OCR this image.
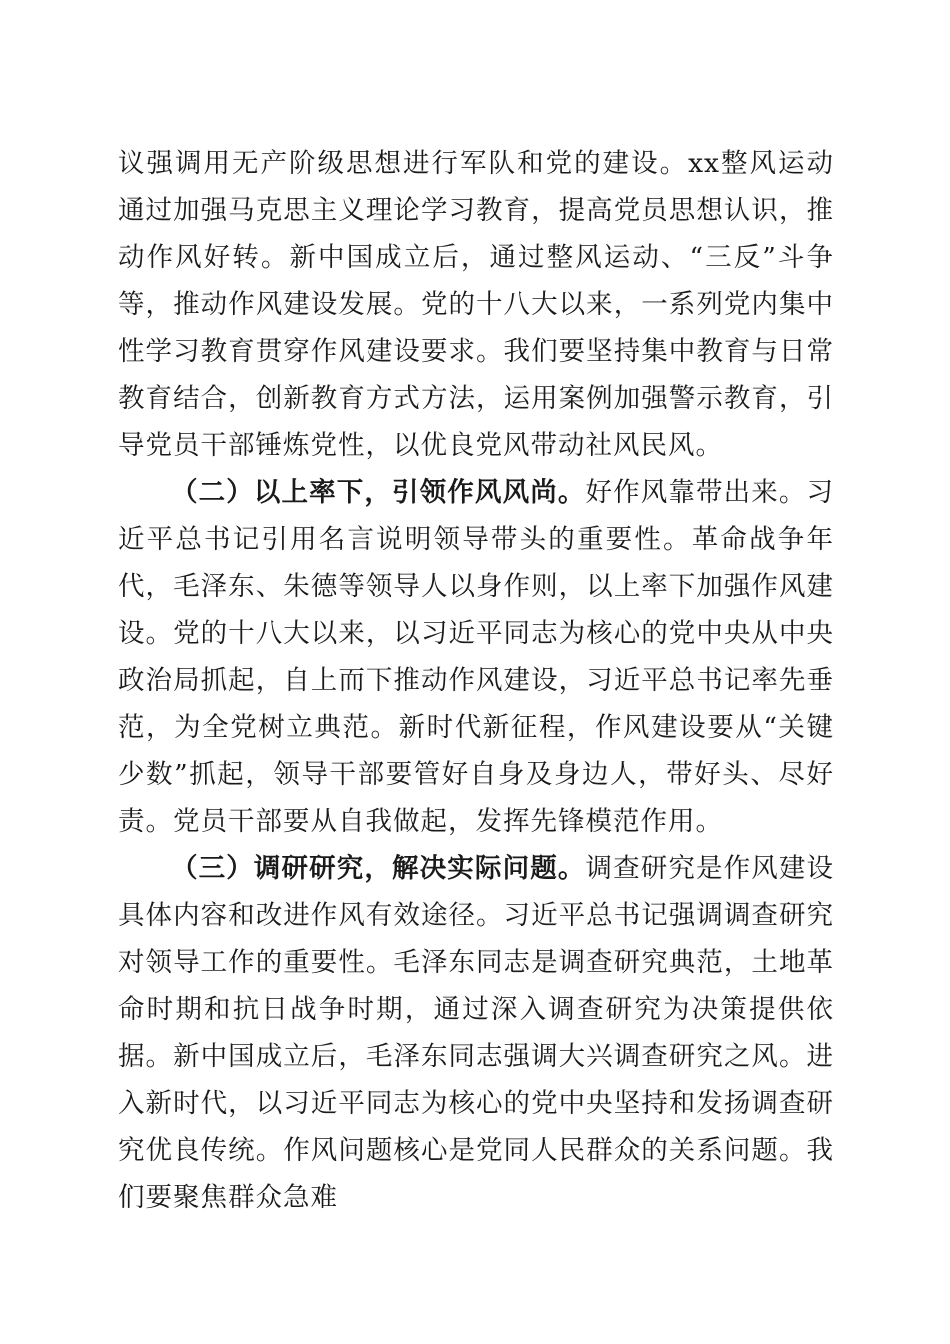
议强调用无产阶级思想进行军队和党的建设。xx整风运动通过加强马克思主义理论学习教育，提高党员思想认识，推动作风好转。新中国成立后，通过整风运动、“三反”斗争等，推动作风建设发展。党的十八大以来，一系列党内集中性学习教育贯穿作风建设要求。我们要坚持集中教育与日常教育结合，创新教育方式方法，运用案例加强警示教育，引导党员干部锤炼党性，以优良党风带动社风民风。

（二）以上率下，引领作风风尚。好作风靠带出来。习近平总书记引用名言说明领导带头的重要性。革命战争年代，毛泽东、朱德等领导人以身作则，以上率下加强作风建设。党的十八大以来，以习近平同志为核心的党中央从中央政治局抓起，自上而下推动作风建设，习近平总书记率先垂范，为全党树立典范。新时代新征程，作风建设要从“关键少数”抓起，领导干部要管好自身及身边人，带好头、尽好责。党员干部要从自我做起，发挥先锋模范作用。

（三）调研研究，解决实际问题。调查研究是作风建设具体内容和改进作风有效途径。习近平总书记强调调查研究对领导工作的重要性。毛泽东同志是调查研究典范，土地革命时期和抗日战争时期，通过深入调查研究为决策提供依据。新中国成立后，毛泽东同志强调大兴调查研究之风。进入新时代，以习近平同志为核心的党中央坚持和发扬调查研究优良传统。作风问题核心是党同人民群众的关系问题。我们要聚焦群众急难
